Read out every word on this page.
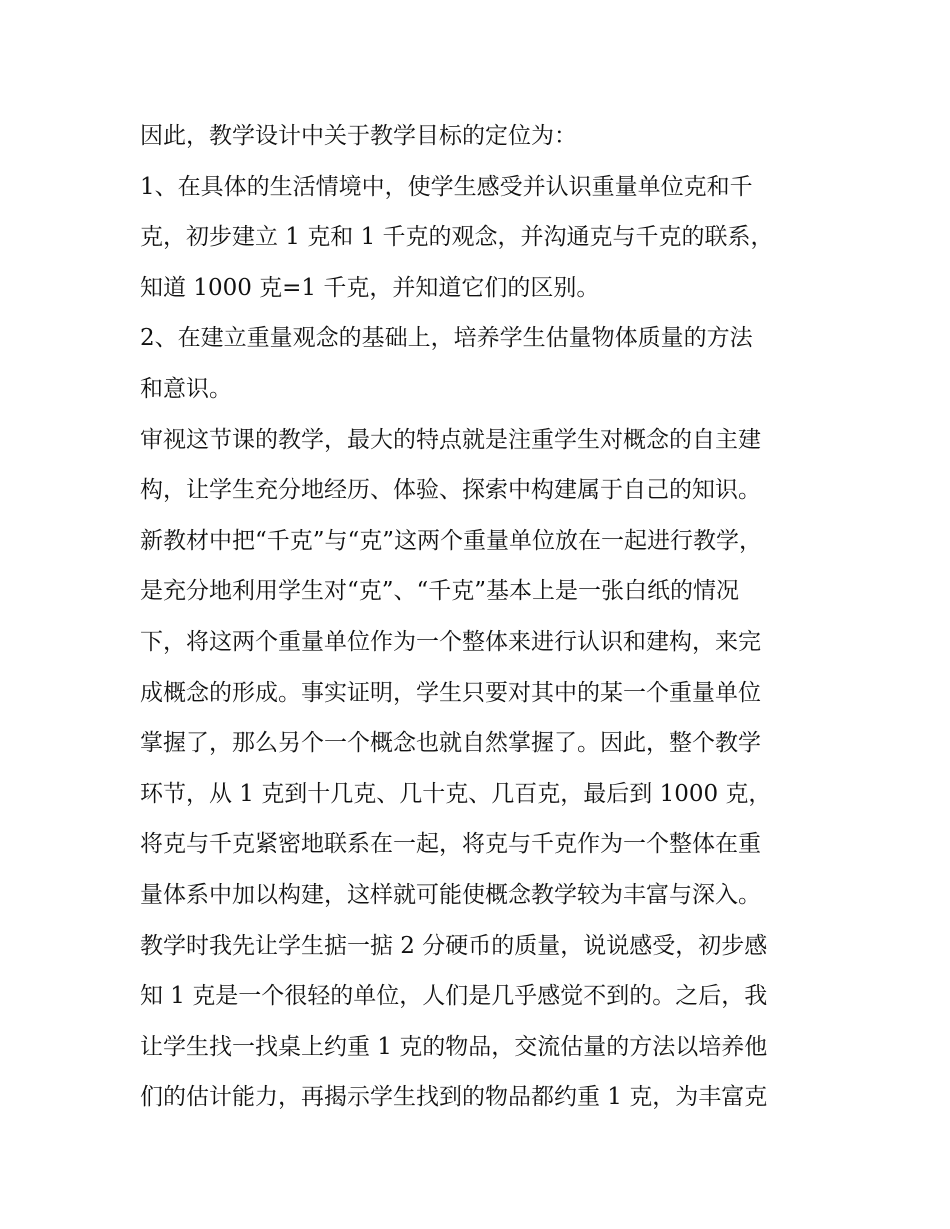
因此，教学设计中关于教学目标的定位为：
1、在具体的生活情境中，使学生感受并认识重量单位克和千
克，初步建立 1 克和 1 千克的观念，并沟通克与千克的联系，
知道 1000 克=1 千克，并知道它们的区别。
2、在建立重量观念的基础上，培养学生估量物体质量的方法
和意识。
审视这节课的教学，最大的特点就是注重学生对概念的自主建
构，让学生充分地经历、体验、探索中构建属于自己的知识。
新教材中把“千克”与“克”这两个重量单位放在一起进行教学，
是充分地利用学生对“克”、“千克”基本上是一张白纸的情况
下，将这两个重量单位作为一个整体来进行认识和建构，来完
成概念的形成。事实证明，学生只要对其中的某一个重量单位
掌握了，那么另个一个概念也就自然掌握了。因此，整个教学
环节，从 1 克到十几克、几十克、几百克，最后到 1000 克，
将克与千克紧密地联系在一起，将克与千克作为一个整体在重
量体系中加以构建，这样就可能使概念教学较为丰富与深入。
教学时我先让学生掂一掂 2 分硬币的质量，说说感受，初步感
知 1 克是一个很轻的单位，人们是几乎感觉不到的。之后，我
让学生找一找桌上约重 1 克的物品，交流估量的方法以培养他
们的估计能力，再揭示学生找到的物品都约重 1 克，为丰富克
